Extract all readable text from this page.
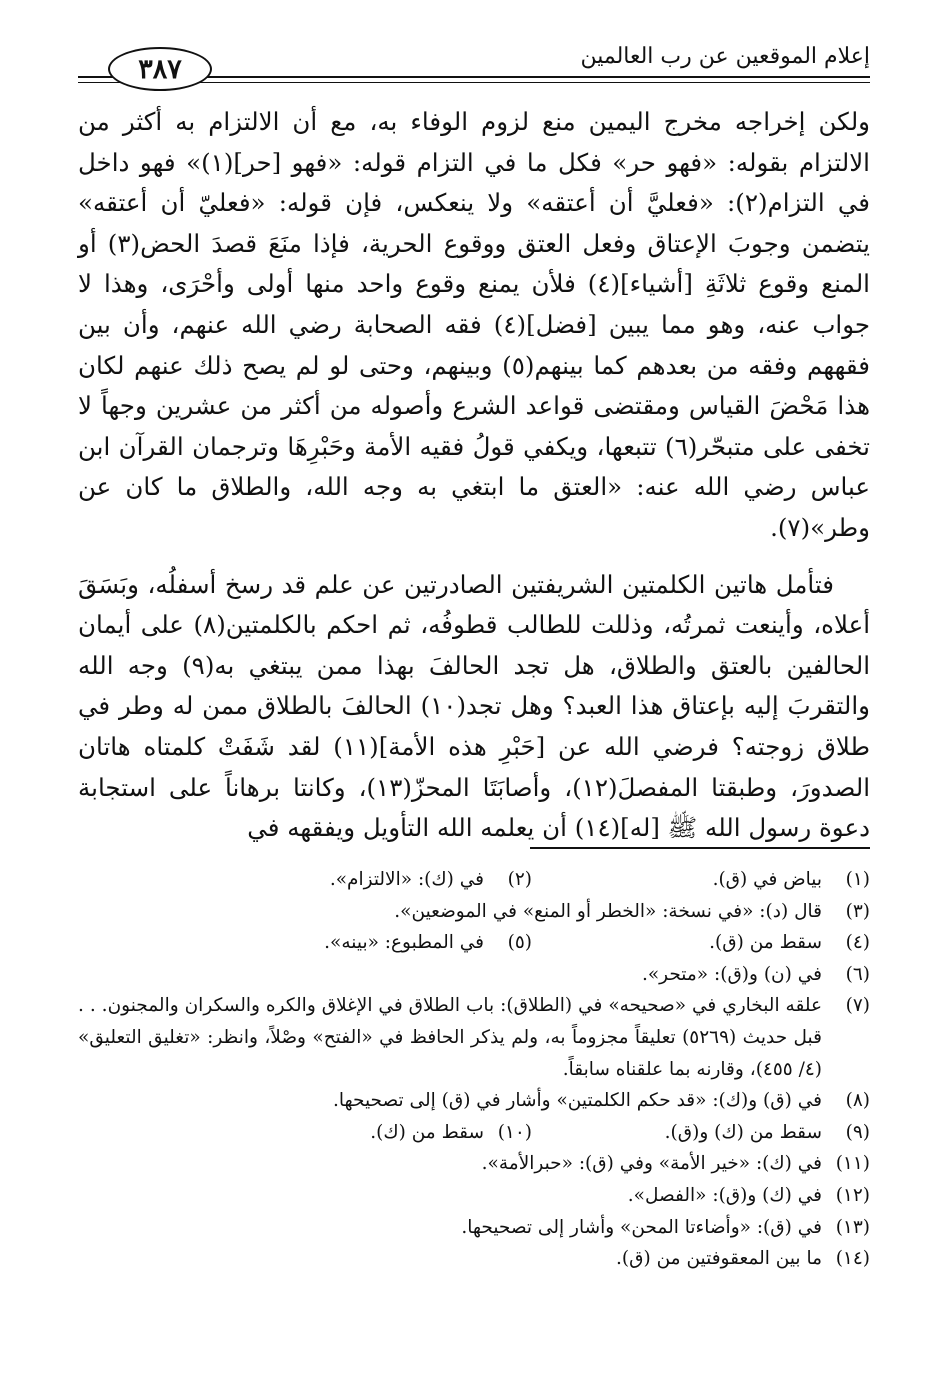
٣٨٧	إعلام الموقعين عن رب العالمين

ولكن إخراجه مخرج اليمين منع لزوم الوفاء به، مع أن الالتزام به أكثر من الالتزام بقوله: «فهو حر» فكل ما في التزام قوله: «فهو [حر](١)» فهو داخل في التزام(٢): «فعليَّ أن أعتقه» ولا ينعكس، فإن قوله: «فعليّ أن أعتقه» يتضمن وجوبَ الإعتاق وفعل العتق ووقوع الحرية، فإذا منَعَ قصدَ الحض(٣) أو المنع وقوع ثلاثَةِ [أشياء](٤) فلأن يمنع وقوع واحد منها أولى وأحْرَى، وهذا لا جواب عنه، وهو مما يبين [فضل](٤) فقه الصحابة رضي الله عنهم، وأن بين فقههم وفقه من بعدهم كما بينهم(٥) وبينهم، وحتى لو لم يصح ذلك عنهم لكان هذا مَحْضَ القياس ومقتضى قواعد الشرع وأصوله من أكثر من عشرين وجهاً لا تخفى على متبحّر(٦) تتبعها، ويكفي قولُ فقيه الأمة وحَبْرِهَا وترجمان القرآن ابن عباس رضي الله عنه: «العتق ما ابتغي به وجه الله، والطلاق ما كان عن وطر»(٧).

فتأمل هاتين الكلمتين الشريفتين الصادرتين عن علم قد رسخ أسفلُه، وبَسَقَ أعلاه، وأينعت ثمرتُه، وذللت للطالب قطوفُه، ثم احكم بالكلمتين(٨) على أيمان الحالفين بالعتق والطلاق، هل تجد الحالفَ بهذا ممن يبتغي به(٩) وجه الله والتقربَ إليه بإعتاق هذا العبد؟ وهل تجد(١٠) الحالفَ بالطلاق ممن له وطر في طلاق زوجته؟ فرضي الله عن [حَبْرِ هذه الأمة](١١) لقد شَفَتْ كلمتاه هاتان الصدورَ، وطبقتا المفصلَ(١٢)، وأصابَتَا المحزّ(١٣)، وكانتا برهاناً على استجابة دعوة رسول الله ﷺ [له](١٤) أن يعلمه الله التأويل ويفقهه في

(١)
بياض في (ق).
(٢)
في (ك): «الالتزام».
(٣)
قال (د): «في نسخة: «الخطر أو المنع» في الموضعين».
(٤)
سقط من (ق).
(٥)
في المطبوع: «بينه».
(٦)
في (ن) و(ق): «متحر».
(٧)
علقه البخاري في «صحيحه» في (الطلاق): باب الطلاق في الإغلاق والكره والسكران والمجنون. . . قبل حديث (٥٢٦٩) تعليقاً مجزوماً به، ولم يذكر الحافظ في «الفتح» وصْلاً، وانظر: «تغليق التعليق» (٤/ ٤٥٥)، وقارنه بما علقناه سابقاً.
(٨)
في (ق) و(ك): «قد حكم الكلمتين» وأشار في (ق) إلى تصحيحها.
(٩)
سقط من (ك) و(ق).
(١٠)
سقط من (ك).
(١١)
في (ك): «خير الأمة» وفي (ق): «حبرالأمة».
(١٢)
في (ك) و(ق): «الفصل».
(١٣)
في (ق): «وأضاءتا المحن» وأشار إلى تصحيحها.
(١٤)
ما بين المعقوفتين من (ق).
